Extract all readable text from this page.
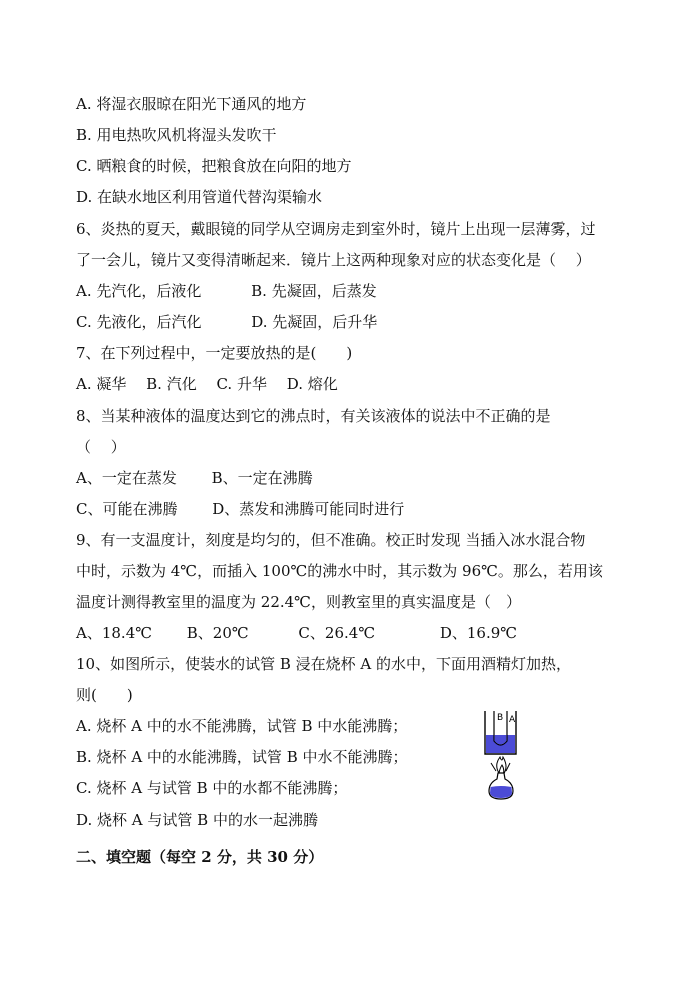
A. 将湿衣服晾在阳光下通风的地方
B. 用电热吹风机将湿头发吹干
C. 晒粮食的时候，把粮食放在向阳的地方
D. 在缺水地区利用管道代替沟渠输水
6、炎热的夏天，戴眼镜的同学从空调房走到室外时，镜片上出现一层薄雾，过
了一会儿，镜片又变得清晰起来．镜片上这两种现象对应的状态变化是（　 ）
A. 先汽化，后液化　　　 B. 先凝固，后蒸发
C. 先液化，后汽化　　　 D. 先凝固，后升华
7、在下列过程中，一定要放热的是(　　)
A. 凝华　 B. 汽化　 C. 升华　 D. 熔化
8、当某种液体的温度达到它的沸点时，有关该液体的说法中不正确的是
（　 ）
A、一定在蒸发　　 B、一定在沸腾
C、可能在沸腾　　 D、蒸发和沸腾可能同时进行
9、有一支温度计，刻度是均匀的，但不准确。校正时发现 当插入冰水混合物
中时，示数为 4℃，而插入 100℃的沸水中时，其示数为 96℃。那么，若用该
温度计测得教室里的温度为 22.4℃，则教室里的真实温度是（　）
A、18.4℃　　 B、20℃　　　 C、26.4℃　　　　 D、16.9℃
10、如图所示，使装水的试管 B 浸在烧杯 A 的水中，下面用酒精灯加热，
则(　　)
A. 烧杯 A 中的水不能沸腾，试管 B 中水能沸腾；
B. 烧杯 A 中的水能沸腾，试管 B 中水不能沸腾；
C. 烧杯 A 与试管 B 中的水都不能沸腾；
D. 烧杯 A 与试管 B 中的水一起沸腾
二、填空题（每空 2 分，共 30 分）
B A
